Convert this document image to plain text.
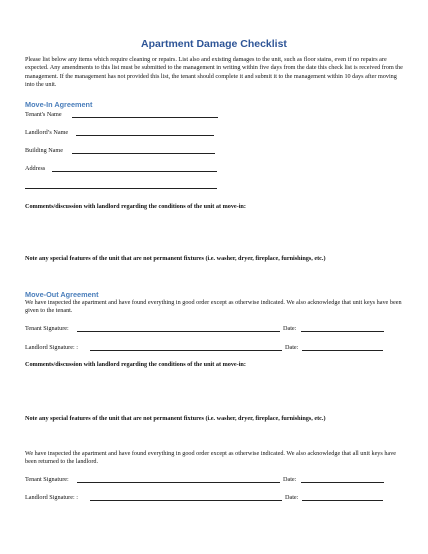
Apartment Damage Checklist
Please list below any items which require cleaning or repairs. List also and existing damages to the unit, such as floor stains, even if no repairs are expected. Any amendments to this list must be submitted to the management in writing within five days from the date this check list is received from the management. If the management has not provided this list, the tenant should complete it and submit it to the management within 10 days after moving into the unit.
Move-In Agreement
Tenant's Name
Landlord’s Name
Building Name
Address
Comments/discussion with landlord regarding the conditions of the unit at move-in:
Note any special features of the unit that are not permanent fixtures (i.e. washer, dryer, fireplace, furnishings, etc.)
Move-Out Agreement
We have inspected the apartment and have found everything in good order except as otherwise indicated. We also acknowledge that unit keys have been given to the tenant.
Tenant Signature:	Date:
Landlord Signature: :	Date:
Comments/discussion with landlord regarding the conditions of the unit at move-in:
Note any special features of the unit that are not permanent fixtures (i.e. washer, dryer, fireplace, furnishings, etc.)
We have inspected the apartment and have found everything in good order except as otherwise indicated. We also acknowledge that all unit keys have been returned to the landlord.
Tenant Signature:	Date:
Landlord Signature: :	Date:
